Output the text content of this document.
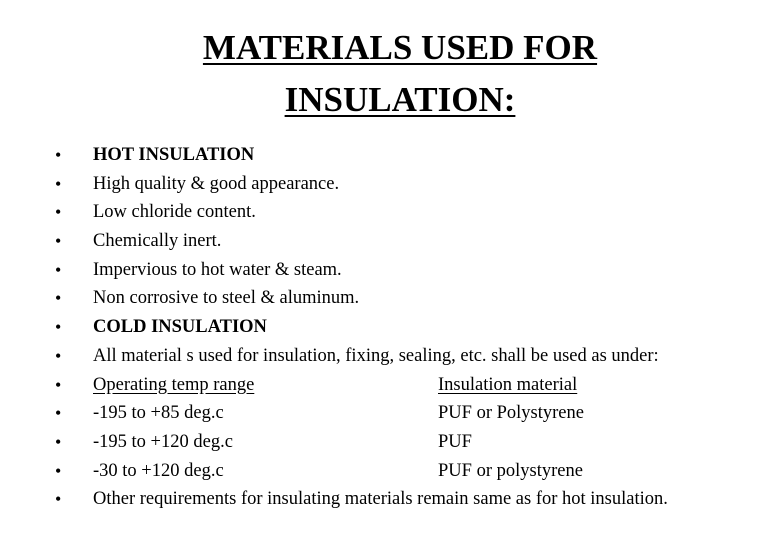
MATERIALS USED FOR
INSULATION:
• HOT INSULATION
• High quality & good appearance.
• Low chloride content.
• Chemically inert.
• Impervious to hot water & steam.
• Non corrosive to steel & aluminum.
• COLD INSULATION
• All material s used for insulation, fixing, sealing, etc. shall be used as under:
• Operating temp range	Insulation material
• -195 to +85 deg.c	PUF or Polystyrene
• -195 to +120 deg.c	PUF
• -30 to +120 deg.c	PUF or polystyrene
• Other requirements for insulating materials remain same as for hot insulation.
